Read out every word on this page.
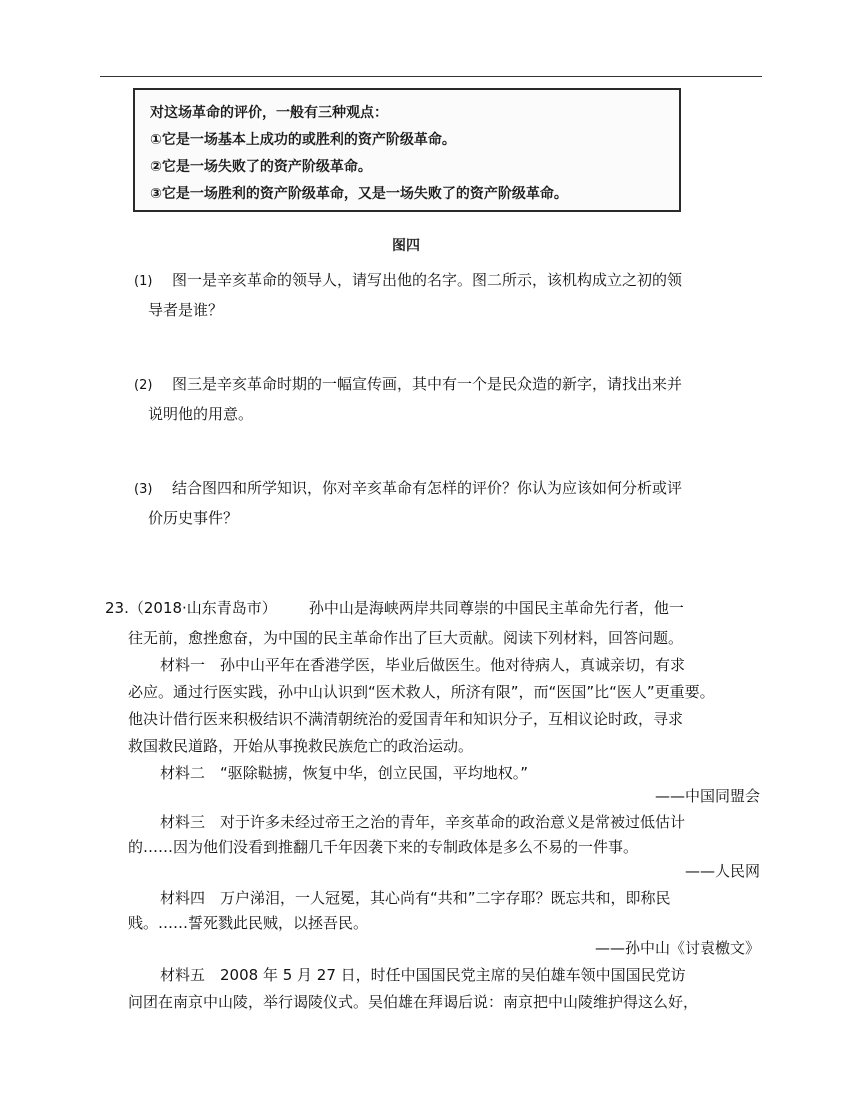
对这场革命的评价，一般有三种观点：
①它是一场基本上成功的或胜利的资产阶级革命。
②它是一场失败了的资产阶级革命。
③它是一场胜利的资产阶级革命，又是一场失败了的资产阶级革命。
图四
(1) 图一是辛亥革命的领导人，请写出他的名字。图二所示，该机构成立之初的领
导者是谁？
(2) 图三是辛亥革命时期的一幅宣传画，其中有一个是民众造的新字，请找出来并
说明他的用意。
(3) 结合图四和所学知识，你对辛亥革命有怎样的评价？你认为应该如何分析或评
价历史事件？
23.（2018·山东青岛市） 孙中山是海峡两岸共同尊崇的中国民主革命先行者，他一
往无前，愈挫愈奋，为中国的民主革命作出了巨大贡献。阅读下列材料，回答问题。
材料一　孙中山平年在香港学医，毕业后做医生。他对待病人，真诚亲切，有求
必应。通过行医实践，孙中山认识到“医术救人，所济有限”，而“医国”比“医人”更重要。
他决计借行医来积极结识不满清朝统治的爱国青年和知识分子，互相议论时政，寻求
救国救民道路，开始从事挽救民族危亡的政治运动。
材料二　“驱除鞑掳，恢复中华，创立民国，平均地权。”
——中国同盟会
材料三　对于许多未经过帝王之治的青年，辛亥革命的政治意义是常被过低估计
的……因为他们没看到推翻几千年因袭下来的专制政体是多么不易的一件事。
——人民网
材料四　万户涕泪，一人冠冕，其心尚有“共和”二字存耶？既忘共和，即称民
贱。……誓死戮此民贼，以拯吾民。
——孙中山《讨袁檄文》
材料五　2008 年 5 月 27 日，时任中国国民党主席的吴伯雄车领中国国民党访
问团在南京中山陵，举行谒陵仪式。吴伯雄在拜谒后说：南京把中山陵维护得这么好，
